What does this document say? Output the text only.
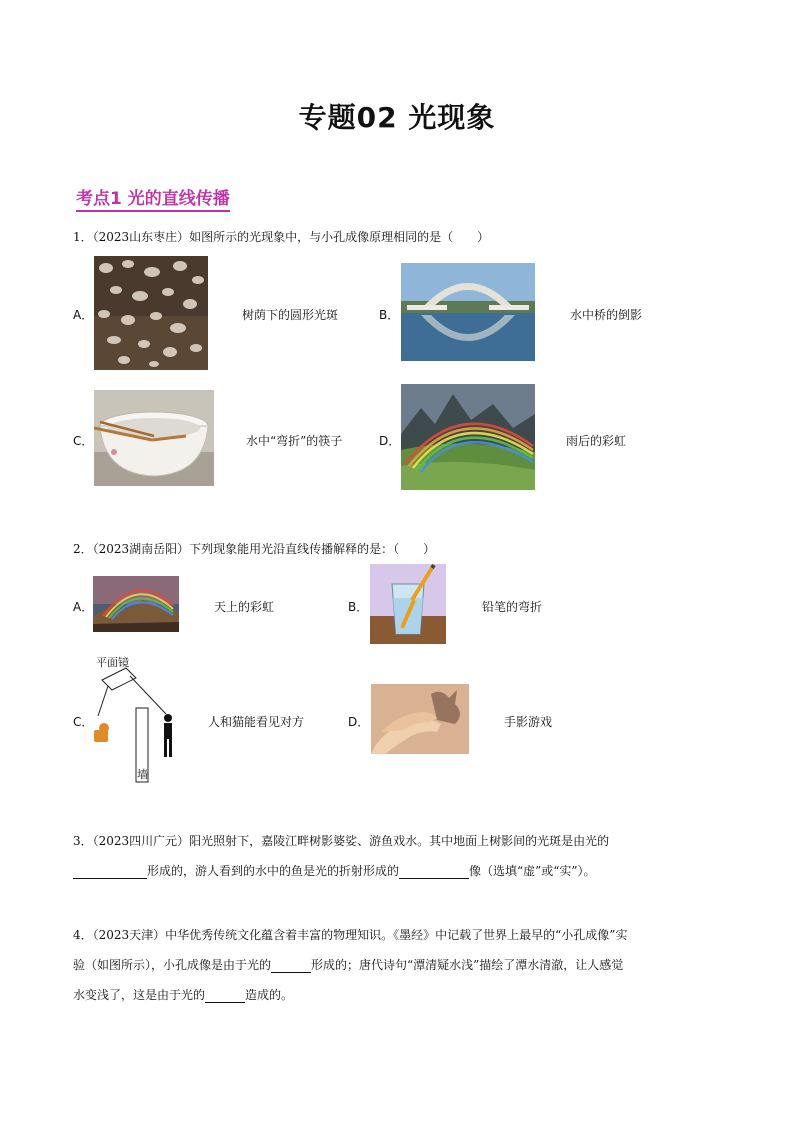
专题02 光现象
考点1 光的直线传播
1．（2023山东枣庄）如图所示的光现象中，与小孔成像原理相同的是（　　）
A．	树荫下的圆形光斑	B．	水中桥的倒影
C．	水中“弯折”的筷子	D．	雨后的彩虹
2．（2023湖南岳阳）下列现象能用光沿直线传播解释的是：（　　）
A．	天上的彩虹	B．	铅笔的弯折
C．
平面镜
墙
人和猫能看见对方	D．	手影游戏
3．（2023四川广元）阳光照射下，嘉陵江畔树影婆娑、游鱼戏水。其中地面上树影间的光斑是由光的
形成的，游人看到的水中的鱼是光的折射形成的	像（选填“虚”或“实”）。
4．（2023天津）中华优秀传统文化蕴含着丰富的物理知识。《墨经》中记载了世界上最早的“小孔成像”实
验（如图所示），小孔成像是由于光的	形成的；唐代诗句“潭清疑水浅”描绘了潭水清澈，让人感觉
水变浅了，这是由于光的	造成的。
